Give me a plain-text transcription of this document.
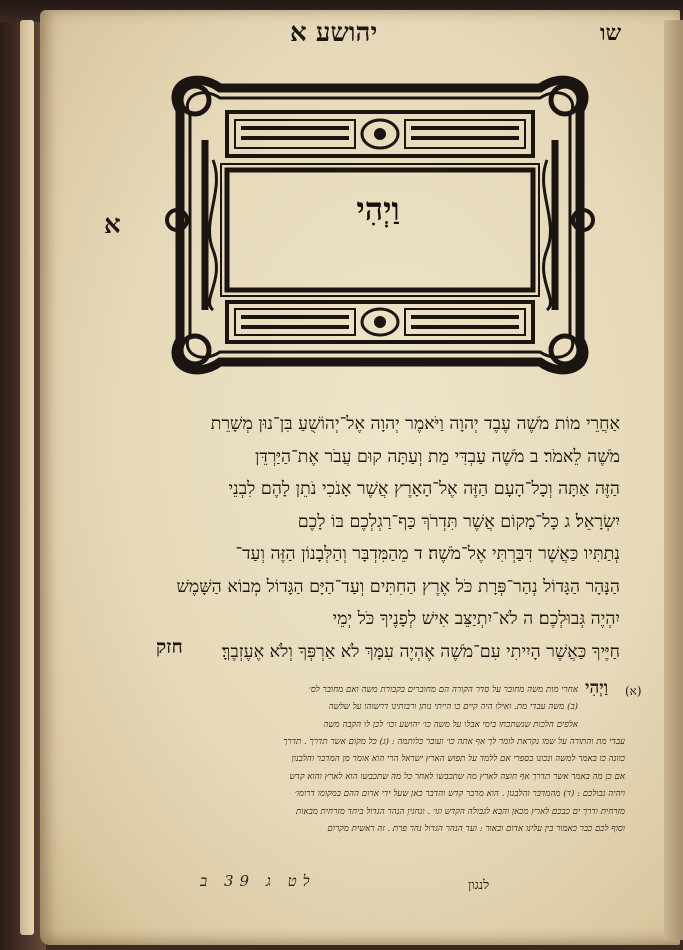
יהושע א	שו
א	וַיְהִי
אַחֲרֵי מוֹת מֹשֶׁה עֶבֶד יְהוָה וַיֹּאמֶר יְהוָה אֶל־יְהוֹשֻׁעַ בִּן־נוּן מְשָׁרֵת
מֹשֶׁה לֵאמֹר׃ ב מֹשֶׁה עַבְדִּי מֵת וְעַתָּה קוּם עֲבֹר אֶת־הַיַּרְדֵּן
הַזֶּה אַתָּה וְכָל־הָעָם הַזֶּה אֶל־הָאָרֶץ אֲשֶׁר אָנֹכִי נֹתֵן לָהֶם לִבְנֵי
יִשְׂרָאֵל׃ ג כָּל־מָקוֹם אֲשֶׁר תִּדְרֹךְ כַּף־רַגְלְכֶם בּוֹ לָכֶם
נְתַתִּיו כַּאֲשֶׁר דִּבַּרְתִּי אֶל־מֹשֶׁה׃ ד מֵהַמִּדְבָּר וְהַלְּבָנוֹן הַזֶּה וְעַד־
הַנָּהָר הַגָּדוֹל נְהַר־פְּרָת כֹּל אֶרֶץ הַחִתִּים וְעַד־הַיָּם הַגָּדוֹל מְבוֹא הַשָּׁמֶשׁ
יִהְיֶה גְּבוּלְכֶם׃ ה לֹא־יִתְיַצֵּב אִישׁ לְפָנֶיךָ כֹּל יְמֵי
חַיֶּיךָ כַּאֲשֶׁר הָיִיתִי עִם־מֹשֶׁה אֶהְיֶה עִמָּךְ לֹא אַרְפְּךָ וְלֹא אֶעֶזְבֶךָּ׃
חזק
וַיְהִי (א)
אחרי מות משה מחובר על סדר הקורה הם מחוברים בקבורת משה ואם מחובר לס׳
(ב) משה עבדי מת. ואילו היה קיים כו הייתי נותן ורבותינו דרשוהו על שלשה
אלפים הלכות שנשתכחו בימי אבלו על משה כו׳ יהושע וכו׳ לכן לו הקבה משה
עבדי מת והתורה על שמו נקראת לומר לך אף אתה כו׳ ועובר כלותמה : (ג) כל מקום אשר תדרך . תדרך
כוונה כו באמר למשה ונכונו בספרי אם ללמד על תפוש הארץ ישראל הרי הוא אומר מן המדבר והלבנון
אם כן מה באמר אשר תדרך אף חוצה לארץ מה שתכבשו לאחר כל מה שתכבשו הוא לארץ והוא קדש
ויהיה גבולכם : (ד) מהמדבר והלבנון . הוא מדבר קדש והדבר כאן שעל ידי אדום ההם במקומו דרומו׳
מזרחית ודרך ים כבכם לארץ מכאן והבא לגבולה הקדש וגו׳ . ונחגין הנהר הגדול ביחד מזרחית מבאות
וסוף לכם כבר כאמור בין עלינו אדום ובאור : ועד הנהר הגדול נהר פרת . זה ראשית מקרום
לט ג 39 ב	לנגון
